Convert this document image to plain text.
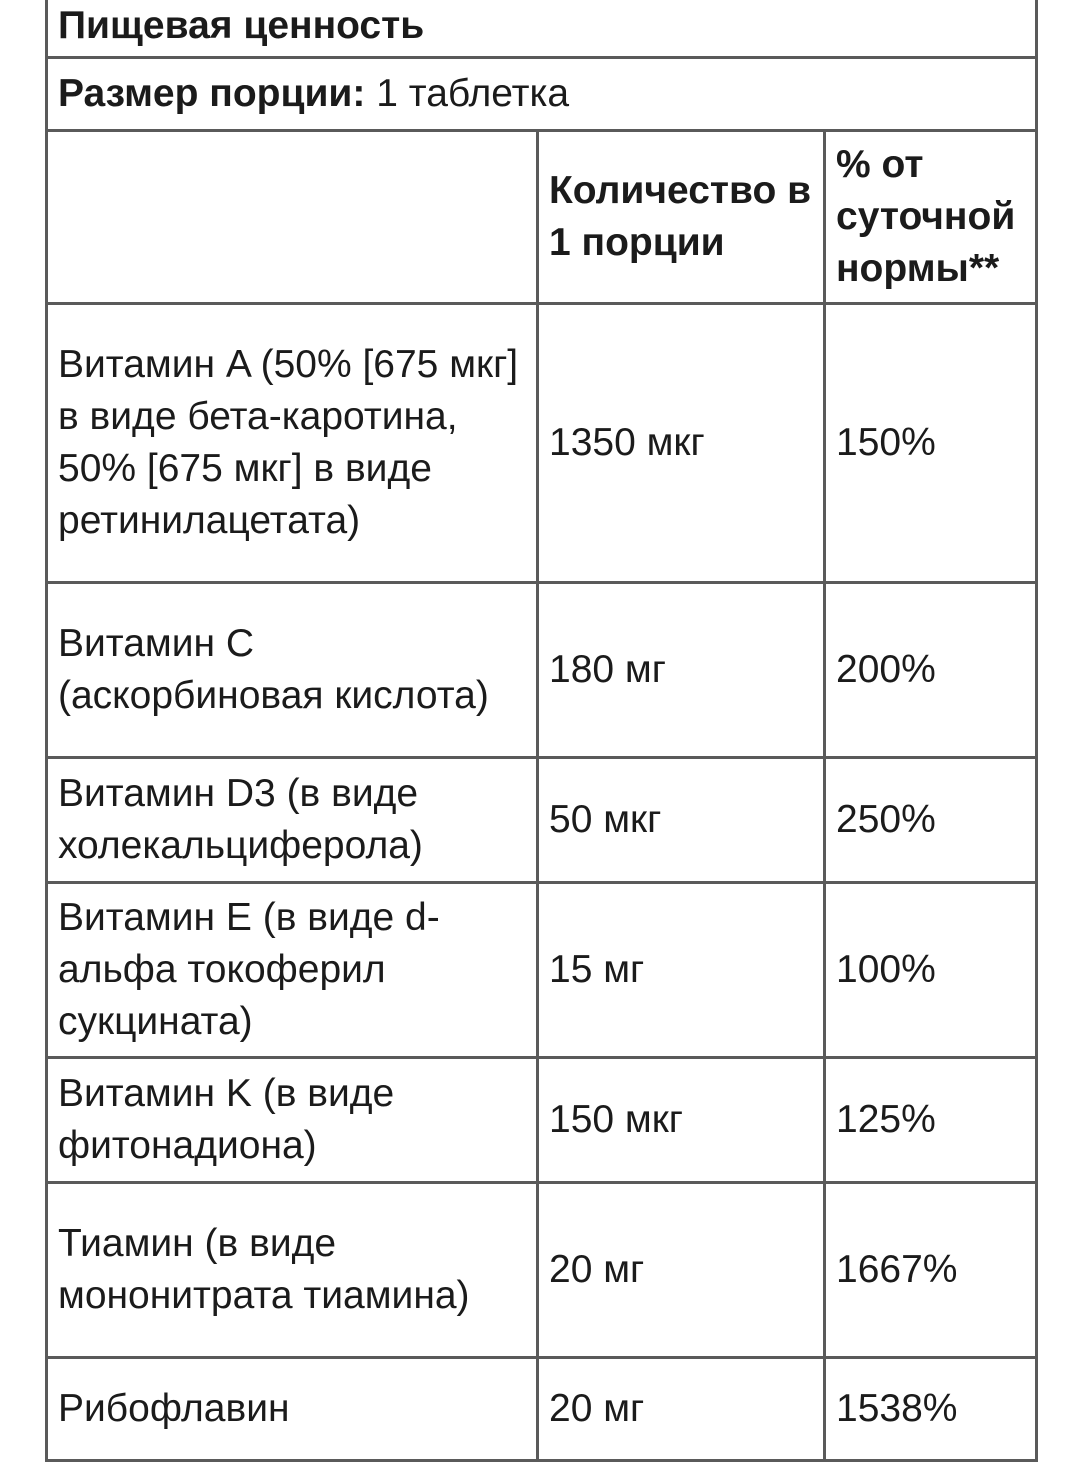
Пищевая ценность		
Размер порции: 1 таблетка		
	Количество в 1 порции	% от суточной нормы**
Витамин A (50% [675 мкг] в виде бета-каротина, 50% [675 мкг] в виде ретинилацетата)	1350 мкг	150%
Витамин C (аскорбиновая кислота)	180 мг	200%
Витамин D3 (в виде холекальциферола)	50 мкг	250%
Витамин E (в виде d-альфа токоферил сукцината)	15 мг	100%
Витамин K (в виде фитонадиона)	150 мкг	125%
Тиамин (в виде мононитрата тиамина)	20 мг	1667%
Рибофлавин	20 мг	1538%
